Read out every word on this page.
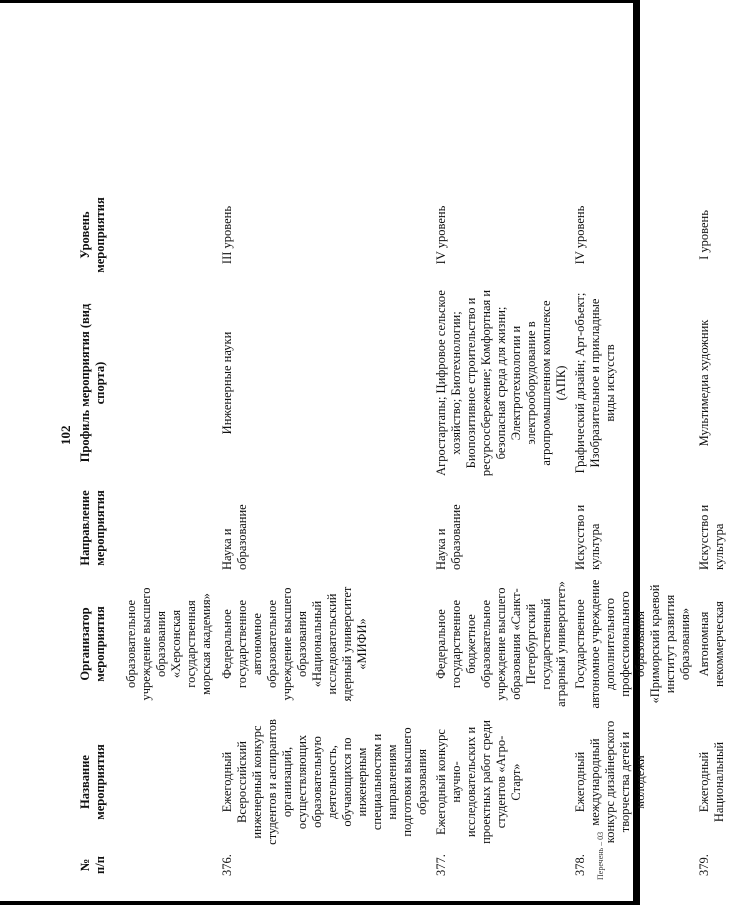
102
№ п/п	Название мероприятия	Организатор мероприятия	Направление мероприятия	Профиль мероприятия (вид спорта)	Уровень мероприятия
		образовательное учреждение высшего образования «Херсонская государственная морская академия»			
376.	Ежегодный Всероссийский инженерный конкурс студентов и аспирантов организаций, осуществляющих образовательную деятельность, обучающихся по инженерным специальностям и направлениям подготовки высшего образования	Федеральное государственное автономное образовательное учреждение высшего образования «Национальный исследовательский ядерный университет «МИФИ»	Наука и образование	Инженерные науки	III уровень
377.	Ежегодный конкурс научно-исследовательских и проектных работ среди студентов «Агро-Старт»	Федеральное государственное бюджетное образовательное учреждение высшего образования «Санкт-Петербургский государственный аграрный университет»	Наука и образование	Агростартапы; Цифровое сельское хозяйство; Биотехнологии; Биопозитивное строительство и ресурсосбережение; Комфортная и безопасная среда для жизни; Электротехнологии и электрооборудование в агропромышленном комплексе (АПК)	IV уровень
378.	Ежегодный международный конкурс дизайнерского творчества детей и молодежи	Государственное автономное учреждение дополнительного профессионального образования «Приморский краевой институт развития образования»	Искусство и культура	Графический дизайн; Арт-объект; Изобразительное и прикладные виды искусств	IV уровень
379.	Ежегодный Национальный	Автономная некоммерческая	Искусство и культура	Мультимедиа художник	I уровень
Перечень – 03
